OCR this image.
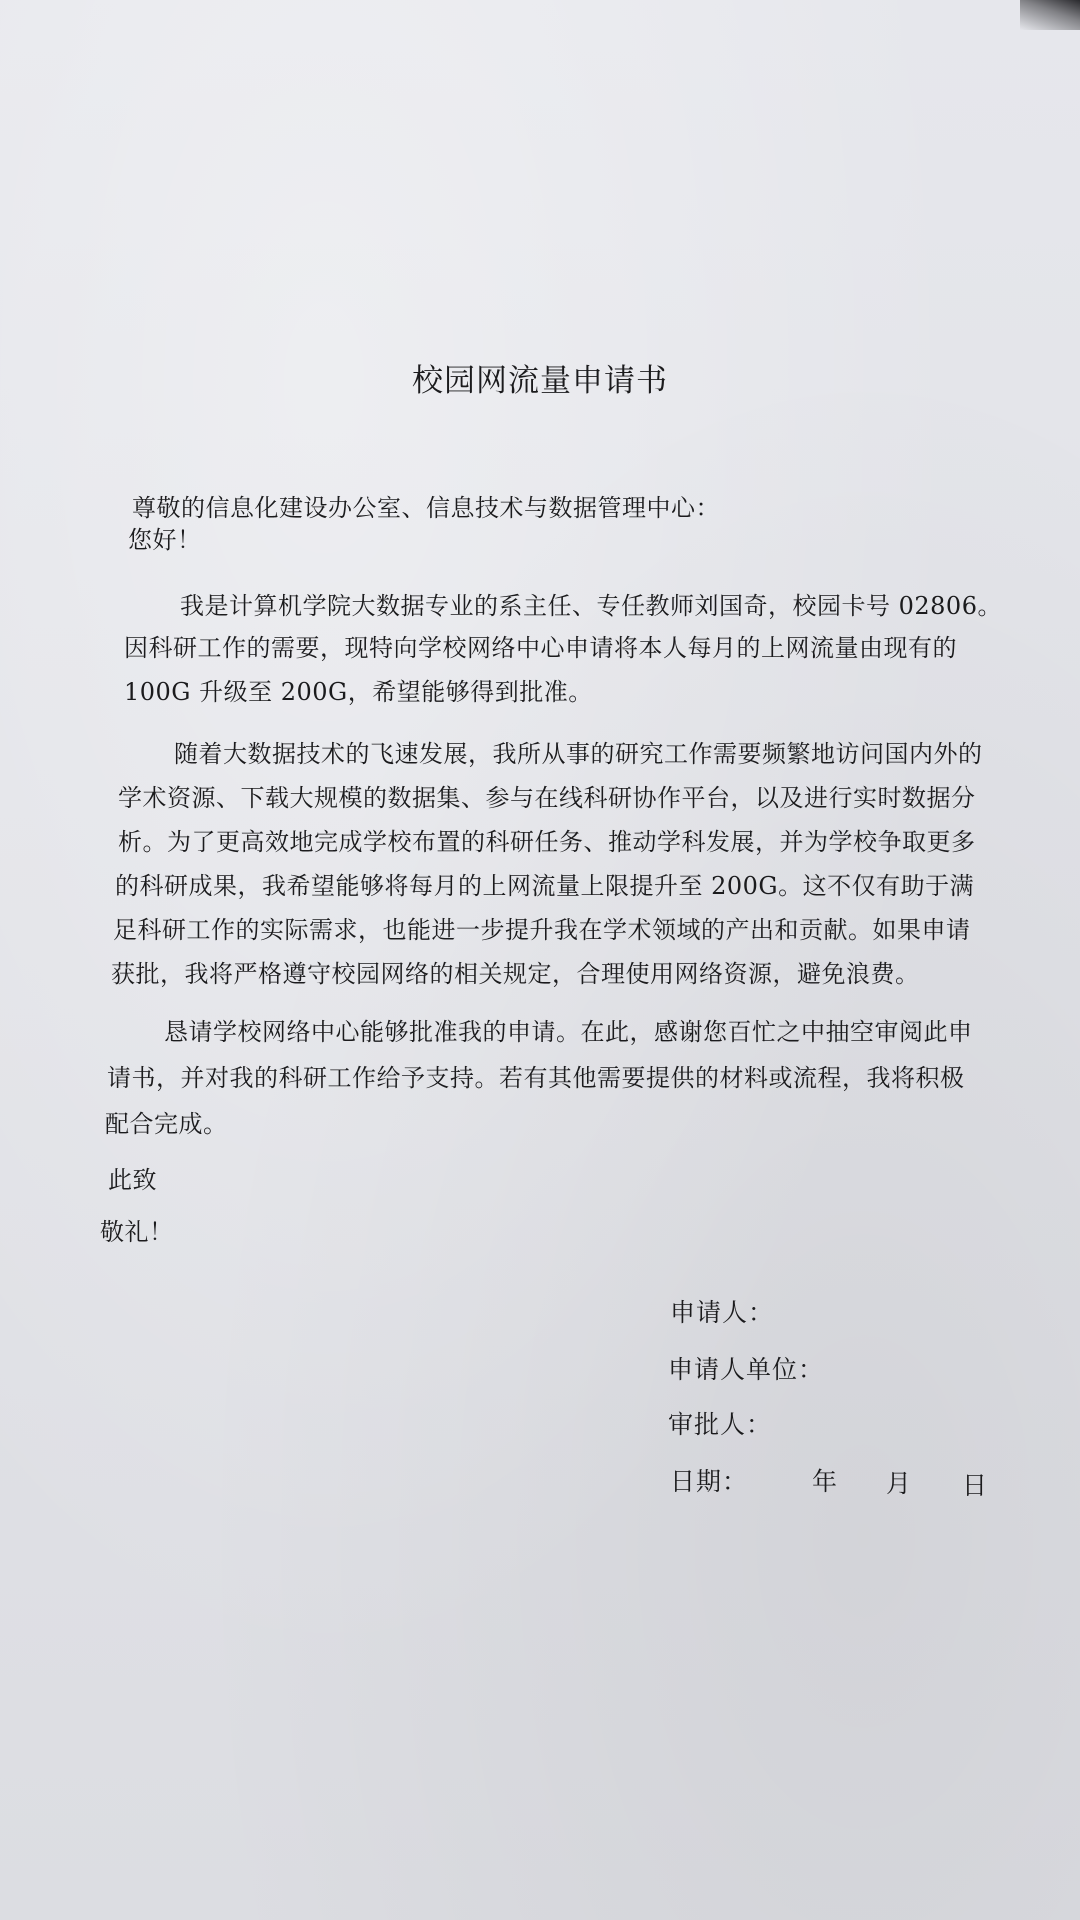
校园网流量申请书
尊敬的信息化建设办公室、信息技术与数据管理中心：
您好！
我是计算机学院大数据专业的系主任、专任教师刘国奇，校园卡号 02806。
因科研工作的需要，现特向学校网络中心申请将本人每月的上网流量由现有的
100G 升级至 200G，希望能够得到批准。
随着大数据技术的飞速发展，我所从事的研究工作需要频繁地访问国内外的
学术资源、下载大规模的数据集、参与在线科研协作平台，以及进行实时数据分
析。为了更高效地完成学校布置的科研任务、推动学科发展，并为学校争取更多
的科研成果，我希望能够将每月的上网流量上限提升至 200G。这不仅有助于满
足科研工作的实际需求，也能进一步提升我在学术领域的产出和贡献。如果申请
获批，我将严格遵守校园网络的相关规定，合理使用网络资源，避免浪费。
恳请学校网络中心能够批准我的申请。在此，感谢您百忙之中抽空审阅此申
请书，并对我的科研工作给予支持。若有其他需要提供的材料或流程，我将积极
配合完成。
此致
敬礼！
申请人：
申请人单位：
审批人：
日期：	年 月 日
